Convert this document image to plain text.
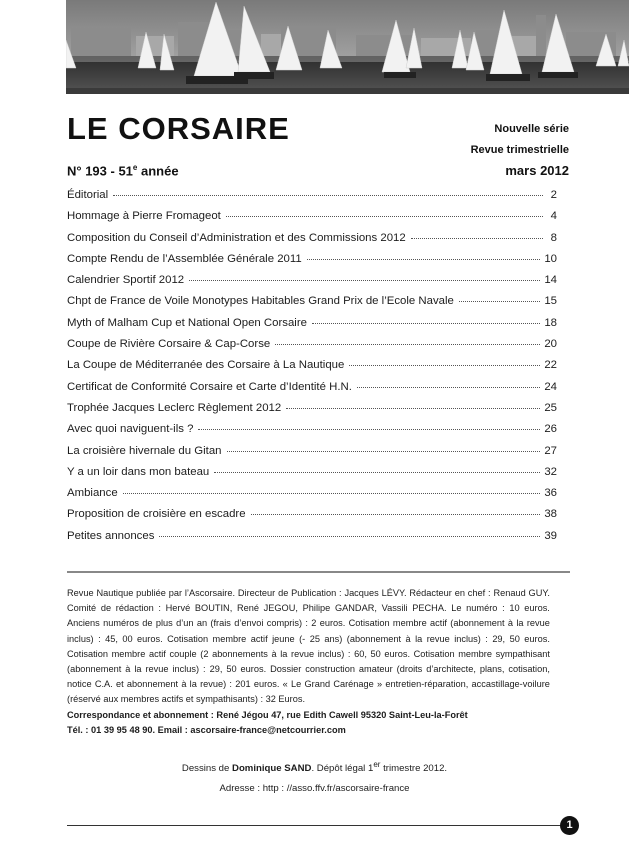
LE CORSAIRE	Nouvelle série
Revue trimestrielle
N° 193 - 51e année	mars 2012
Éditorial	2
Hommage à Pierre Fromageot	4
Composition du Conseil d’Administration et des Commissions 2012	8
Compte Rendu de l’Assemblée Générale 2011	10
Calendrier Sportif 2012	14
Chpt de France de Voile Monotypes Habitables Grand Prix de l’Ecole Navale	15
Myth of Malham Cup et National Open Corsaire	18
Coupe de Rivière Corsaire & Cap-Corse	20
La Coupe de Méditerranée des Corsaire à La Nautique	22
Certificat de Conformité Corsaire et Carte d’Identité H.N.	24
Trophée Jacques Leclerc Règlement 2012	25
Avec quoi naviguent-ils ?	26
La croisière hivernale du Gitan	27
Y a un loir dans mon bateau	32
Ambiance	36
Proposition de croisière en escadre	38
Petites annonces	39

Revue Nautique publiée par l’Ascorsaire. Directeur de Publication : Jacques LÉVY. Rédacteur en chef : Renaud GUY. Comité de rédaction : Hervé BOUTIN, René JEGOU, Philipe GANDAR, Vassili PECHA. Le numéro : 10 euros. Anciens numéros de plus d’un an (frais d’envoi compris) : 2 euros. Cotisation membre actif (abonnement à la revue inclus) : 45, 00 euros. Cotisation membre actif jeune (- 25 ans) (abonnement à la revue inclus) : 29, 50 euros. Cotisation membre actif couple (2 abonnements à la revue inclus) : 60, 50 euros. Cotisation membre sympathisant (abonnement à la revue inclus) : 29, 50 euros. Dossier construction amateur (droits d’architecte, plans, cotisation, notice C.A. et abonnement à la revue) : 201 euros. « Le Grand Carénage » entretien-réparation, accastillage-voilure (réservé aux membres actifs et sympathisants) : 32 Euros.

Correspondance et abonnement : René Jégou 47, rue Edith Cawell 95320 Saint-Leu-la-Forêt

Tél. : 01 39 95 48 90. Email : ascorsaire-france@netcourrier.com

Dessins de Dominique SAND. Dépôt légal 1er trimestre 2012.
Adresse : http : //asso.ffv.fr/ascorsaire-france
1
